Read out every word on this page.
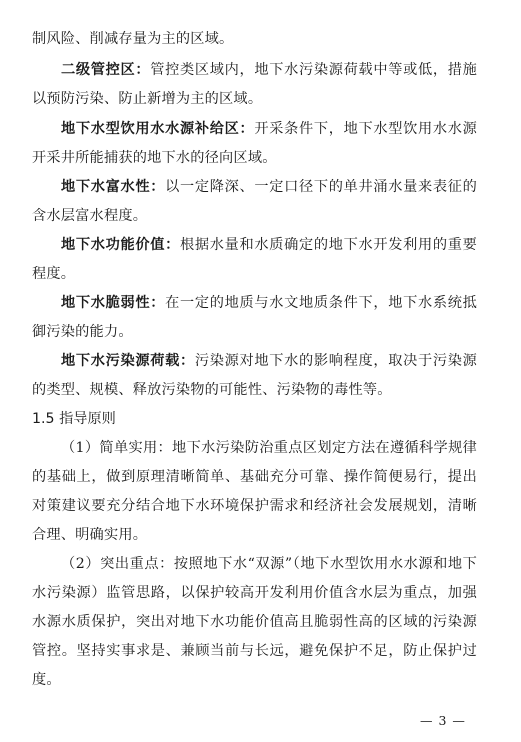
制风险、削减存量为主的区域。

二级管控区：管控类区域内，地下水污染源荷载中等或低，措施以预防污染、防止新增为主的区域。

地下水型饮用水水源补给区：开采条件下，地下水型饮用水水源开采井所能捕获的地下水的径向区域。

地下水富水性：以一定降深、一定口径下的单井涌水量来表征的含水层富水程度。

地下水功能价值：根据水量和水质确定的地下水开发利用的重要程度。

地下水脆弱性：在一定的地质与水文地质条件下，地下水系统抵御污染的能力。

地下水污染源荷载：污染源对地下水的影响程度，取决于污染源的类型、规模、释放污染物的可能性、污染物的毒性等。

1.5 指导原则

（1）简单实用：地下水污染防治重点区划定方法在遵循科学规律的基础上，做到原理清晰简单、基础充分可靠、操作简便易行，提出对策建议要充分结合地下水环境保护需求和经济社会发展规划，清晰合理、明确实用。

（2）突出重点：按照地下水“双源”（地下水型饮用水水源和地下水污染源）监管思路，以保护较高开发利用价值含水层为重点，加强水源水质保护，突出对地下水功能价值高且脆弱性高的区域的污染源管控。坚持实事求是、兼顾当前与长远，避免保护不足，防止保护过度。

— 3 —
